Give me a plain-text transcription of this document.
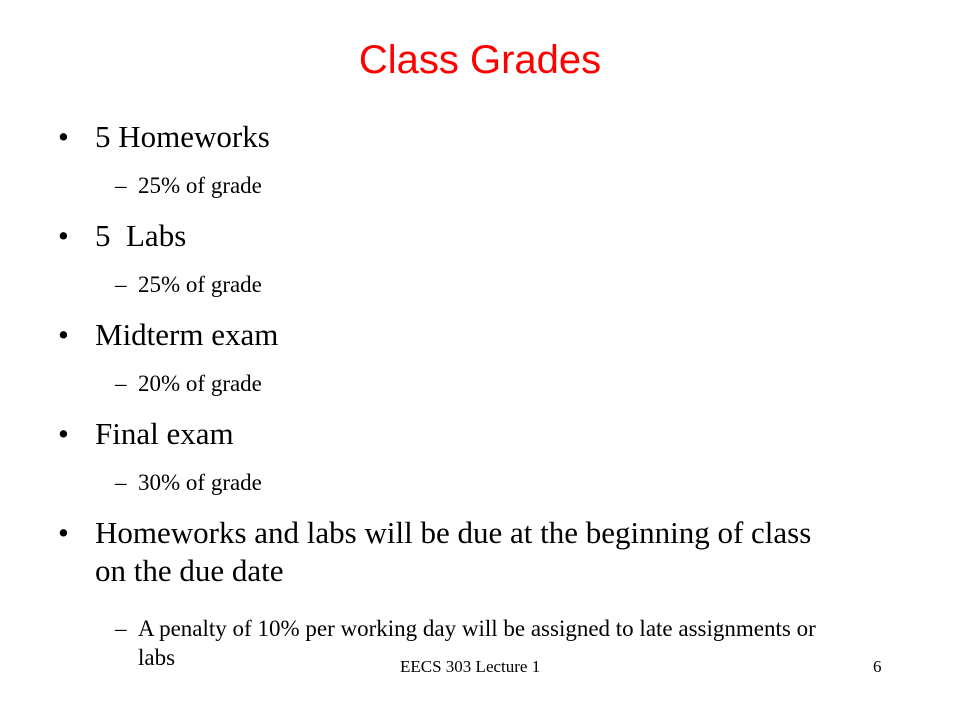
Class Grades
• 5 Homeworks
– 25% of grade
• 5  Labs
– 25% of grade
• Midterm exam
– 20% of grade
• Final exam
– 30% of grade
• Homeworks and labs will be due at the beginning of class on the due date
– A penalty of 10% per working day will be assigned to late assignments or labs	EECS 303 Lecture 1	6
